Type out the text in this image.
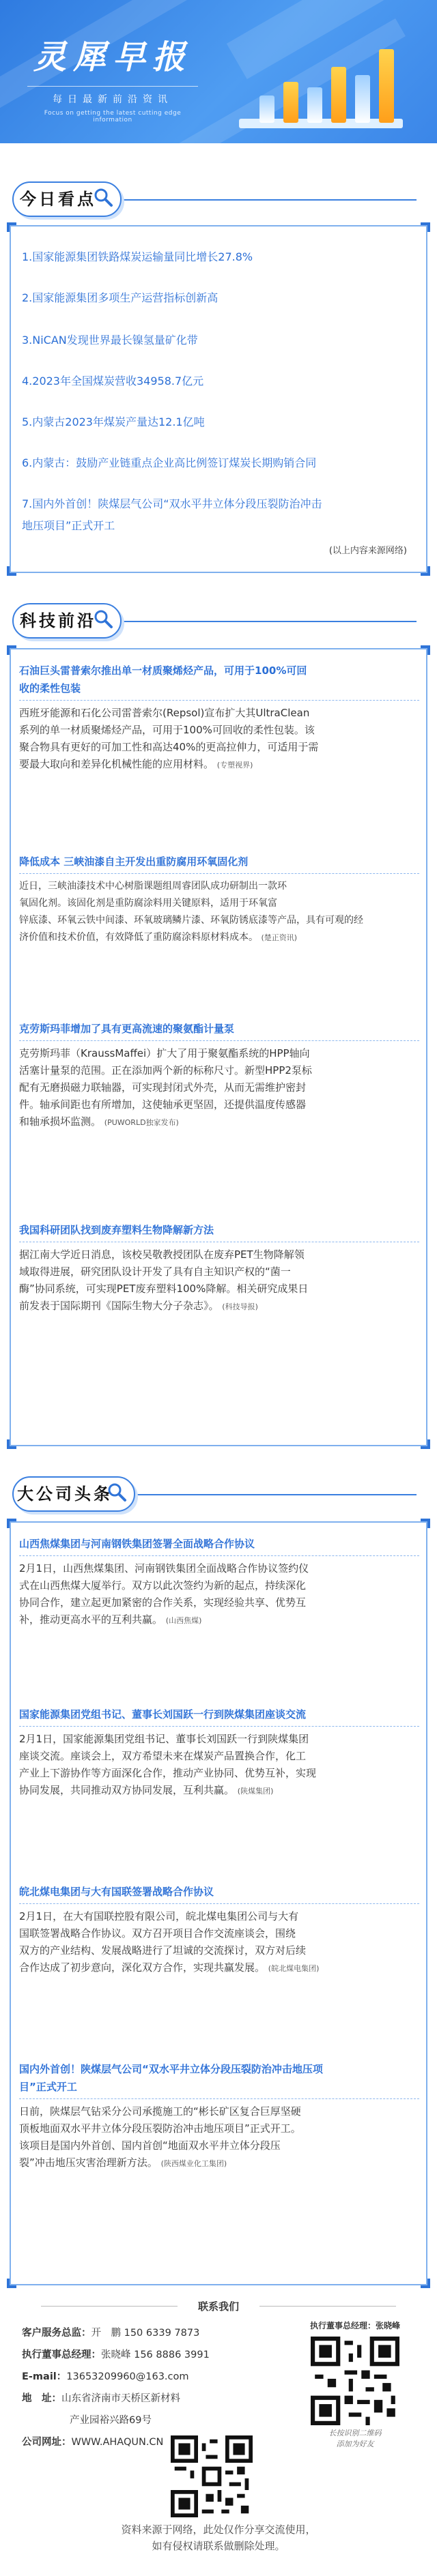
灵犀早报
每日最新前沿资讯
Focus on getting the latest cutting edge information
今日看点
1.国家能源集团铁路煤炭运输量同比增长27.8%
2.国家能源集团多项生产运营指标创新高
3.NiCAN发现世界最长镍氢量矿化带
4.2023年全国煤炭营收34958.7亿元
5.内蒙古2023年煤炭产量达12.1亿吨
6.内蒙古：鼓励产业链重点企业高比例签订煤炭长期购销合同
7.国内外首创！陕煤层气公司“双水平井立体分段压裂防治冲击
地压项目”正式开工
(以上内容来源网络)
科技前沿
石油巨头雷普索尔推出单一材质聚烯烃产品，可用于100%可回
收的柔性包装
西班牙能源和石化公司雷普索尔(Repsol)宣布扩大其UltraClean
系列的单一材质聚烯烃产品，可用于100%可回收的柔性包装。该
聚合物具有更好的可加工性和高达40%的更高拉伸力，可适用于需
要最大取向和差异化机械性能的应用材料。 (专塑视界)
降低成本 三峡油漆自主开发出重防腐用环氧固化剂
近日，三峡油漆技术中心树脂课题组周睿团队成功研制出一款环
氧固化剂。该固化剂是重防腐涂料用关键原料，适用于环氧富
锌底漆、环氧云铁中间漆、环氧玻璃鳞片漆、环氧防锈底漆等产品，具有可观的经
济价值和技术价值，有效降低了重防腐涂料原材料成本。 (楚正资讯)
克劳斯玛菲增加了具有更高流速的聚氨酯计量泵
克劳斯玛菲（KraussMaffei）扩大了用于聚氨酯系统的HPP轴向
活塞计量泵的范围。正在添加两个新的标称尺寸。新型HPP2泵标
配有无磨损磁力联轴器，可实现封闭式外壳，从而无需维护密封
件。轴承间距也有所增加，这使轴承更坚固，还提供温度传感器
和轴承损坏监测。 (PUWORLD独家发布)
我国科研团队找到废弃塑料生物降解新方法
据江南大学近日消息，该校吴敬教授团队在废弃PET生物降解领
域取得进展，研究团队设计开发了具有自主知识产权的“菌一
酶”协同系统，可实现PET废弃塑料100%降解。相关研究成果日
前发表于国际期刊《国际生物大分子杂志》。 (科技导报)
大公司头条
山西焦煤集团与河南钢铁集团签署全面战略合作协议
2月1日，山西焦煤集团、河南钢铁集团全面战略合作协议签约仪
式在山西焦煤大厦举行。双方以此次签约为新的起点，持续深化
协同合作，建立起更加紧密的合作关系，实现经验共享、优势互
补，推动更高水平的互利共赢。 (山西焦煤)
国家能源集团党组书记、董事长刘国跃一行到陕煤集团座谈交流
2月1日，国家能源集团党组书记、董事长刘国跃一行到陕煤集团
座谈交流。座谈会上，双方希望未来在煤炭产品置换合作，化工
产业上下游协作等方面深化合作，推动产业协同、优势互补，实现
协同发展，共同推动双方协同发展，互利共赢。 (陕煤集团)
皖北煤电集团与大有国联签署战略合作协议
2月1日，在大有国联控股有限公司，皖北煤电集团公司与大有
国联签署战略合作协议。双方召开项目合作交流座谈会，围绕
双方的产业结构、发展战略进行了坦诚的交流探讨，双方对后续
合作达成了初步意向，深化双方合作，实现共赢发展。 (皖北煤电集团)
国内外首创！陕煤层气公司“双水平井立体分段压裂防治冲击地压项
目”正式开工
日前，陕煤层气钻采分公司承揽施工的“彬长矿区复合巨厚坚硬
顶板地面双水平井立体分段压裂防治冲击地压项目”正式开工。
该项目是国内外首创、国内首创“地面双水平井立体分段压
裂”冲击地压灾害治理新方法。 (陕西煤业化工集团)
联系我们
客户服务总监：开　鹏 150 6339 7873
执行董事总经理：张晓峰 156 8886 3991
E-mail：13653209960@163.com
地　址：山东省济南市天桥区新材料
产业园裕兴路69号
公司网址：WWW.AHAQUN.CN
执行董事总经理：张晓峰
长按识别二维码
添加为好友
资料来源于网络，此处仅作分享交流使用，
如有侵权请联系做删除处理。
